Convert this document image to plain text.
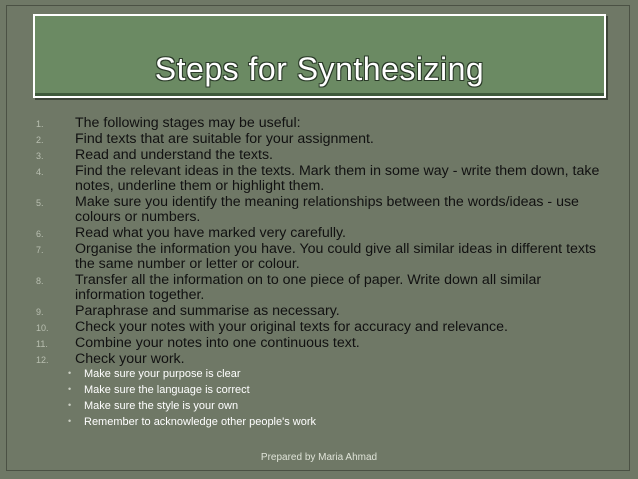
Steps for Synthesizing
1.	The following stages may be useful:
2.	Find texts that are suitable for your assignment.
3.	Read and understand the texts.
4.	Find the relevant ideas in the texts. Mark them in some way - write them down, take notes, underline them or highlight them.
5.	Make sure you identify the meaning relationships between the words/ideas - use colours or numbers.
6.	Read what you have marked very carefully.
7.	Organise the information you have. You could give all similar ideas in different texts the same number or letter or colour.
8.	Transfer all the information on to one piece of paper. Write down all similar information together.
9.	Paraphrase and summarise as necessary.
10.	Check your notes with your original texts for accuracy and relevance.
11.	Combine your notes into one continuous text.
12.	Check your work.
• Make sure your purpose is clear
• Make sure the language is correct
• Make sure the style is your own
• Remember to acknowledge other people's work
Prepared by Maria Ahmad
